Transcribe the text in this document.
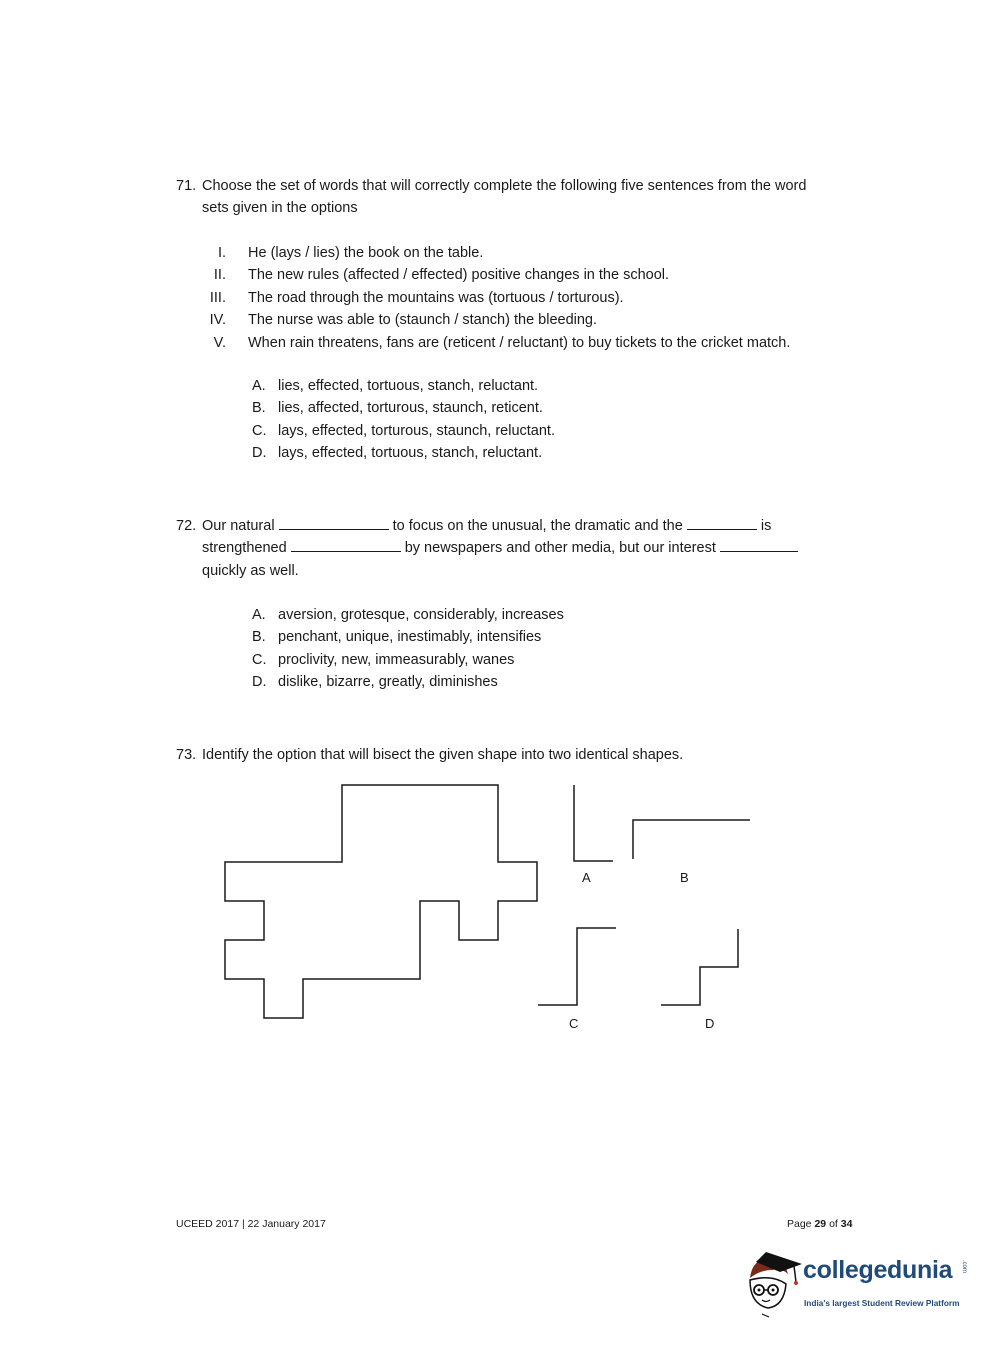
71. Choose the set of words that will correctly complete the following five sentences from the word
sets given in the options
I. He (lays / lies) the book on the table.
II. The new rules (affected / effected) positive changes in the school.
III. The road through the mountains was (tortuous / torturous).
IV. The nurse was able to (staunch / stanch) the bleeding.
V. When rain threatens, fans are (reticent / reluctant) to buy tickets to the cricket match.
A. lies, effected, tortuous, stanch, reluctant.
B. lies, affected, torturous, staunch, reticent.
C. lays, effected, torturous, staunch, reluctant.
D. lays, effected, tortuous, stanch, reluctant.
72. Our natural	to focus on the unusual, the dramatic and the	is
strengthened	by newspapers and other media, but our interest
quickly as well.
A. aversion, grotesque, considerably, increases
B. penchant, unique, inestimably, intensifies
C. proclivity, new, immeasurably, wanes
D. dislike, bizarre, greatly, diminishes
73. Identify the option that will bisect the given shape into two identical shapes.
A	B
C	D
UCEED 2017 | 22 January 2017	Page 29 of 34
collegedunia .com
India's largest Student Review Platform
